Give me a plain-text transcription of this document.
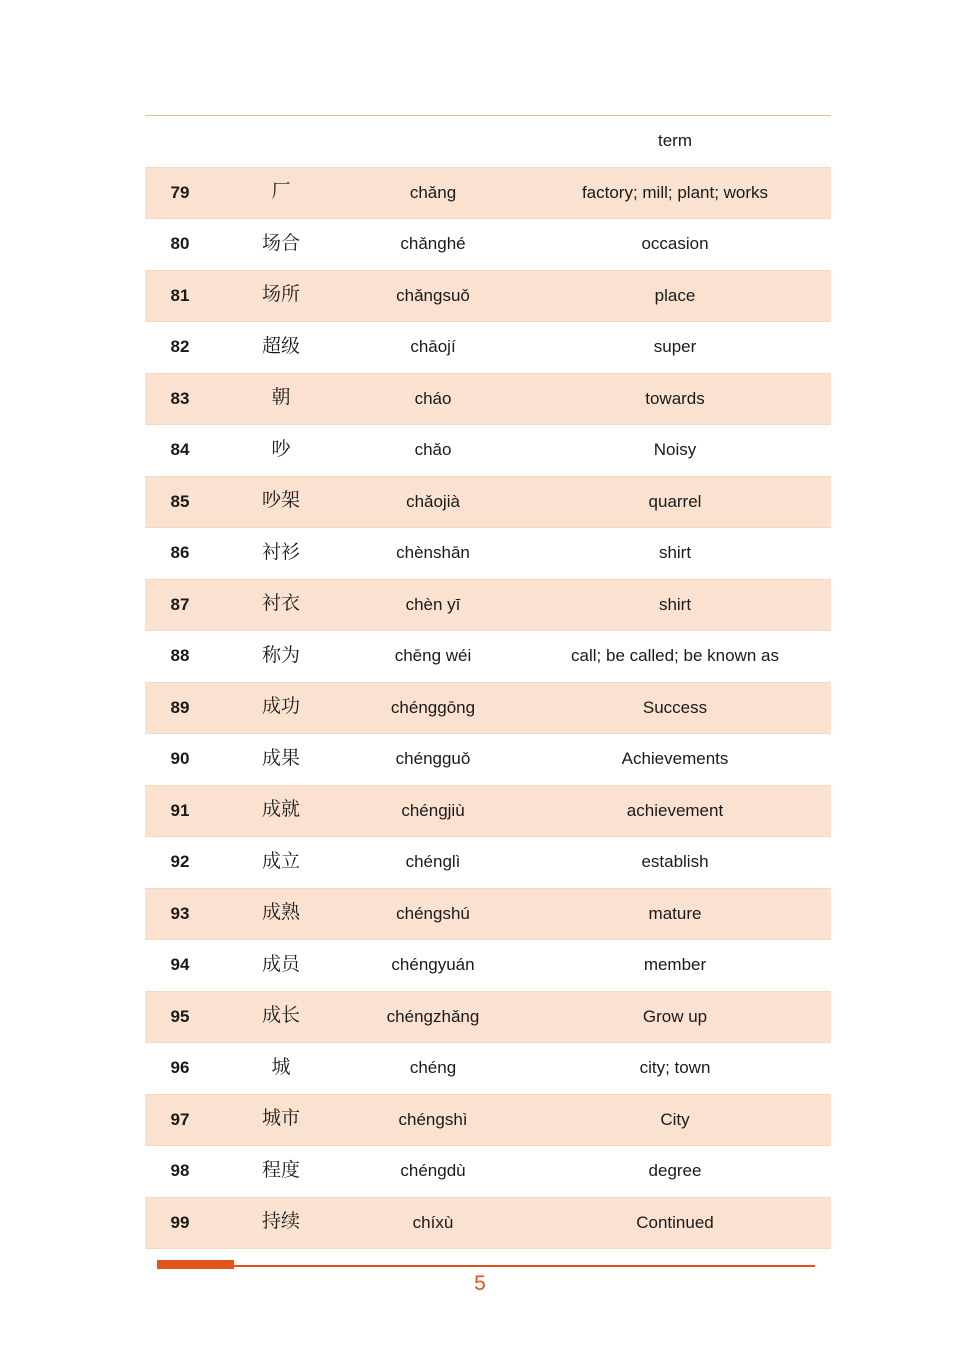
			term
79	厂	chǎng	factory; mill; plant; works
80	场合	chǎnghé	occasion
81	场所	chǎngsuǒ	place
82	超级	chāojí	super
83	朝	cháo	towards
84	吵	chǎo	Noisy
85	吵架	chǎojià	quarrel
86	衬衫	chènshān	shirt
87	衬衣	chèn yī	shirt
88	称为	chēng wéi	call; be called; be known as
89	成功	chénggōng	Success
90	成果	chéngguǒ	Achievements
91	成就	chéngjiù	achievement
92	成立	chénglì	establish
93	成熟	chéngshú	mature
94	成员	chéngyuán	member
95	成长	chéngzhǎng	Grow up
96	城	chéng	city; town
97	城市	chéngshì	City
98	程度	chéngdù	degree
99	持续	chíxù	Continued
5
